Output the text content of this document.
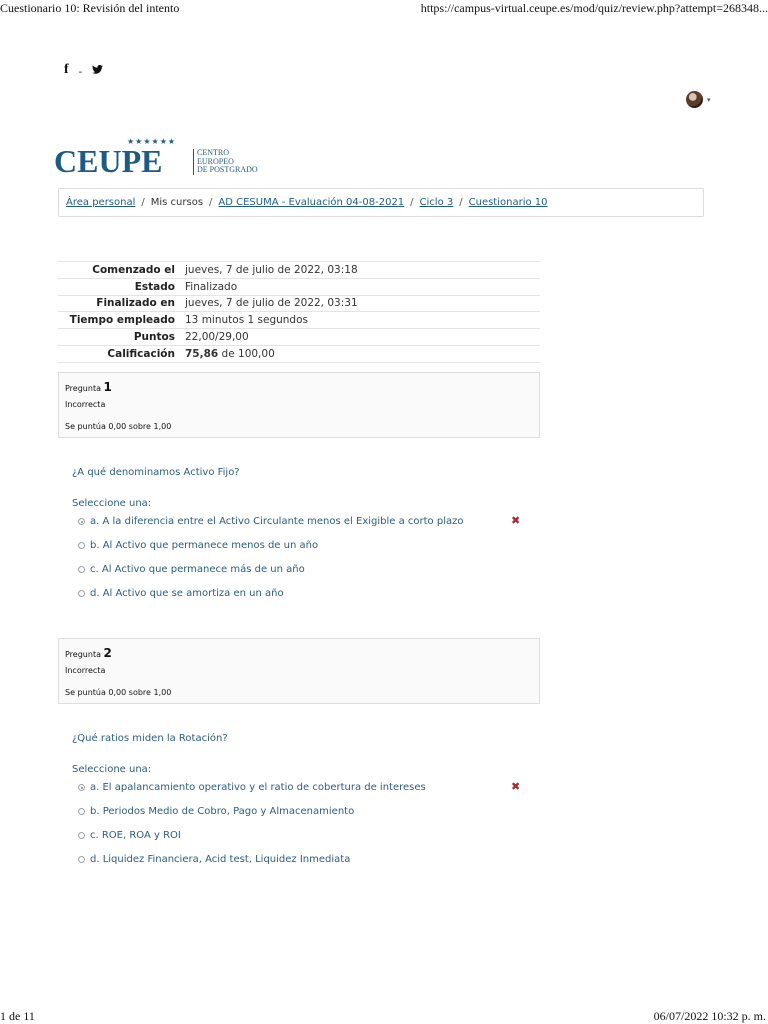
Cuestionario 10: Revisión del intento	https://campus-virtual.ceupe.es/mod/quiz/review.php?attempt=268348...
f -
▾
★★★★★★
CEUPE	CENTRO
EUROPEO
DE POSTGRADO
Área personal / Mis cursos / AD CESUMA - Evaluación 04-08-2021 / Ciclo 3 / Cuestionario 10
Comenzado el	jueves, 7 de julio de 2022, 03:18
Estado	Finalizado
Finalizado en	jueves, 7 de julio de 2022, 03:31
Tiempo empleado	13 minutos 1 segundos
Puntos	22,00/29,00
Calificación	75,86 de 100,00
Pregunta 1
Incorrecta
Se puntúa 0,00 sobre 1,00
¿A qué denominamos Activo Fijo?
Seleccione una:
a. A la diferencia entre el Activo Circulante menos el Exigible a corto plazo	✖
b. Al Activo que permanece menos de un año
c. Al Activo que permanece más de un año
d. Al Activo que se amortiza en un año
Pregunta 2
Incorrecta
Se puntúa 0,00 sobre 1,00
¿Qué ratios miden la Rotación?
Seleccione una:
a. El apalancamiento operativo y el ratio de cobertura de intereses	✖
b. Periodos Medio de Cobro, Pago y Almacenamiento
c. ROE, ROA y ROI
d. Liquidez Financiera, Acid test, Liquidez Inmediata
1 de 11	06/07/2022 10:32 p. m.
